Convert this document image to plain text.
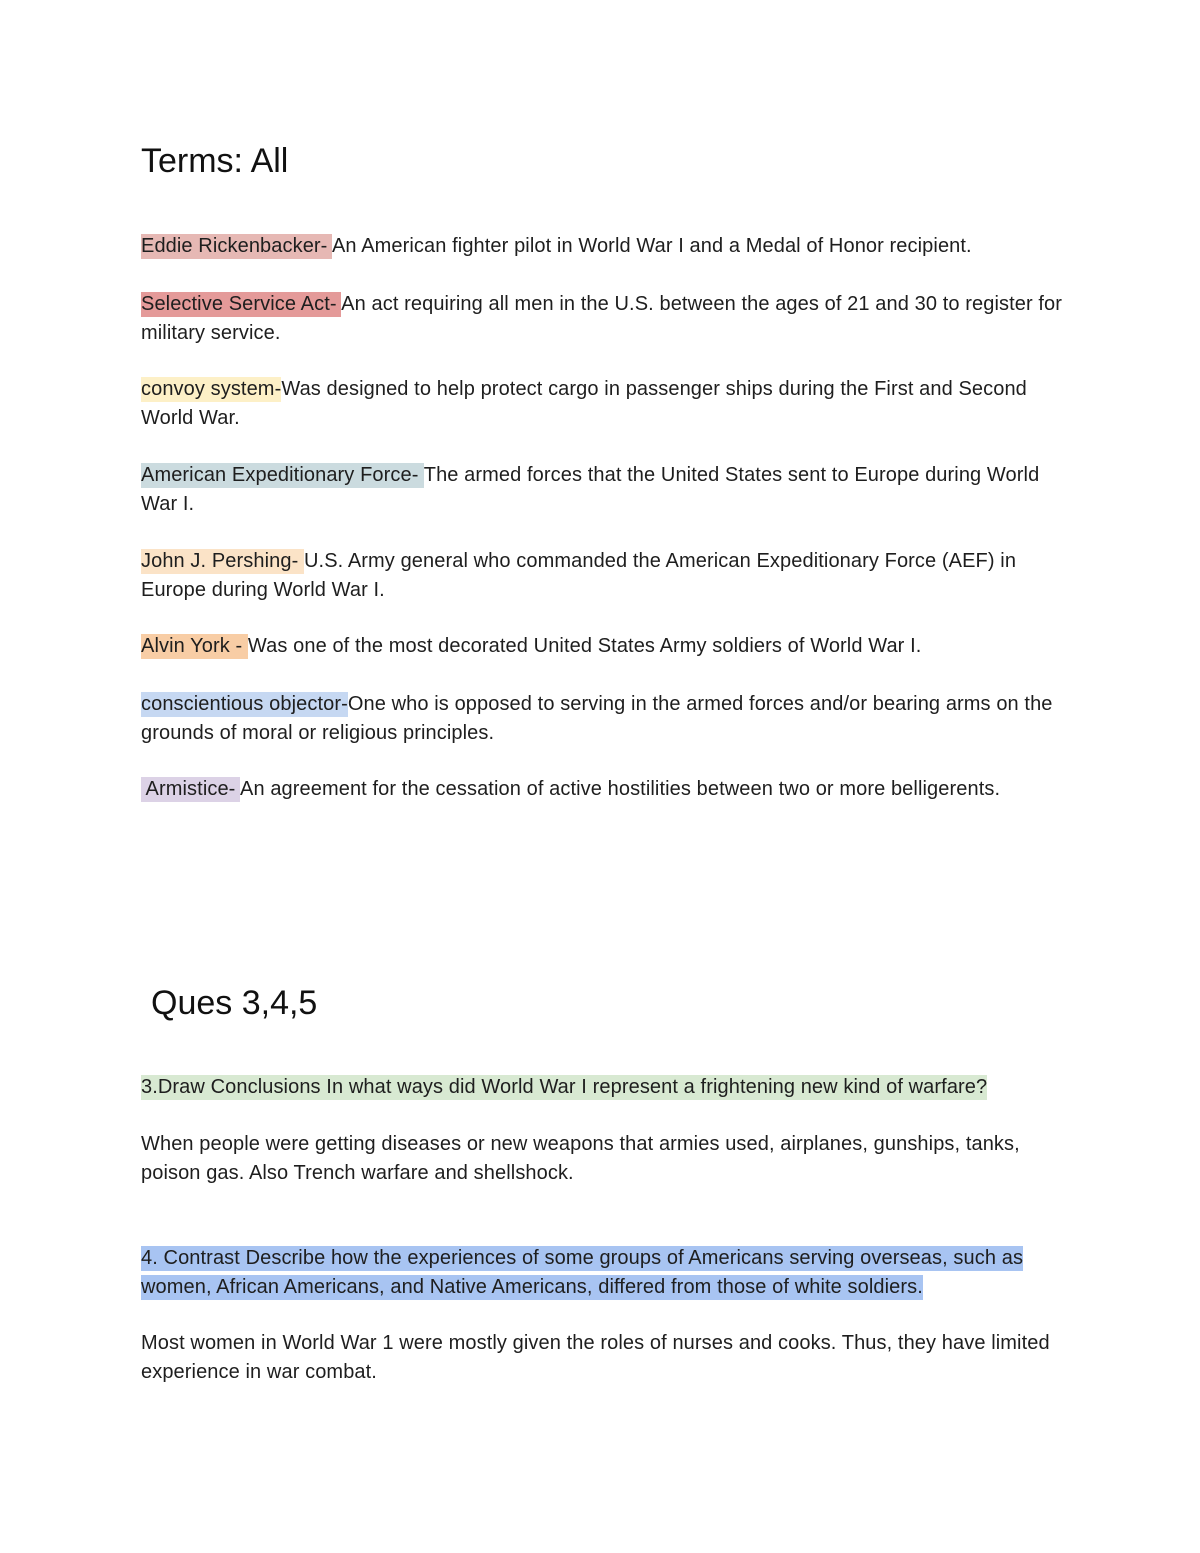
Terms: All

Eddie Rickenbacker- An American fighter pilot in World War I and a Medal of Honor recipient.

Selective Service Act- An act requiring all men in the U.S. between the ages of 21 and 30 to register for military service.

convoy system-Was designed to help protect cargo in passenger ships during the First and Second World War.

American Expeditionary Force- The armed forces that the United States sent to Europe during World War I.

John J. Pershing- U.S. Army general who commanded the American Expeditionary Force (AEF) in Europe during World War I.

Alvin York - Was one of the most decorated United States Army soldiers of World War I.

conscientious objector-One who is opposed to serving in the armed forces and/or bearing arms on the grounds of moral or religious principles.

Armistice- An agreement for the cessation of active hostilities between two or more belligerents.

Ques 3,4,5

3.Draw Conclusions In what ways did World War I represent a frightening new kind of warfare?

When people were getting diseases or new weapons that armies used, airplanes, gunships, tanks, poison gas. Also Trench warfare and shellshock.

4. Contrast Describe how the experiences of some groups of Americans serving overseas, such as women, African Americans, and Native Americans, differed from those of white soldiers.

Most women in World War 1 were mostly given the roles of nurses and cooks. Thus, they have limited experience in war combat.
